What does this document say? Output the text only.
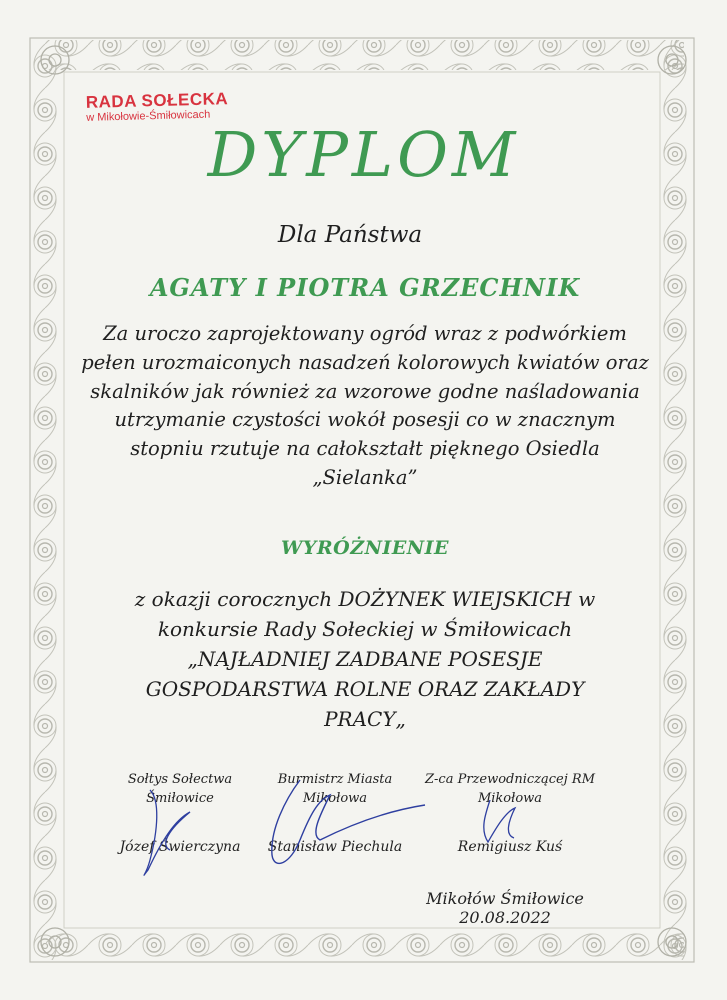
RADA SOŁECKA
w Mikołowie-Śmiłowicach
DYPLOM
Dla Państwa
AGATY I PIOTRA GRZECHNIK
Za uroczo zaprojektowany ogród wraz z podwórkiem
pełen urozmaiconych nasadzeń kolorowych kwiatów oraz
skalników jak również za wzorowe godne naśladowania
utrzymanie czystości wokół posesji co w znacznym
stopniu rzutuje na całokształt pięknego Osiedla
„Sielanka”
WYRÓŻNIENIE
z okazji corocznych DOŻYNEK WIEJSKICH w
konkursie Rady Sołeckiej w Śmiłowicach
„NAJŁADNIEJ ZADBANE POSESJE
GOSPODARSTWA ROLNE ORAZ ZAKŁADY
PRACY„
Sołtys Sołectwa
Śmiłowice
Józef Świerczyna
Burmistrz Miasta
Mikołowa
Stanisław Piechula
Z-ca Przewodniczącej RM
Mikołowa
Remigiusz Kuś
Mikołów Śmiłowice 20.08.2022
